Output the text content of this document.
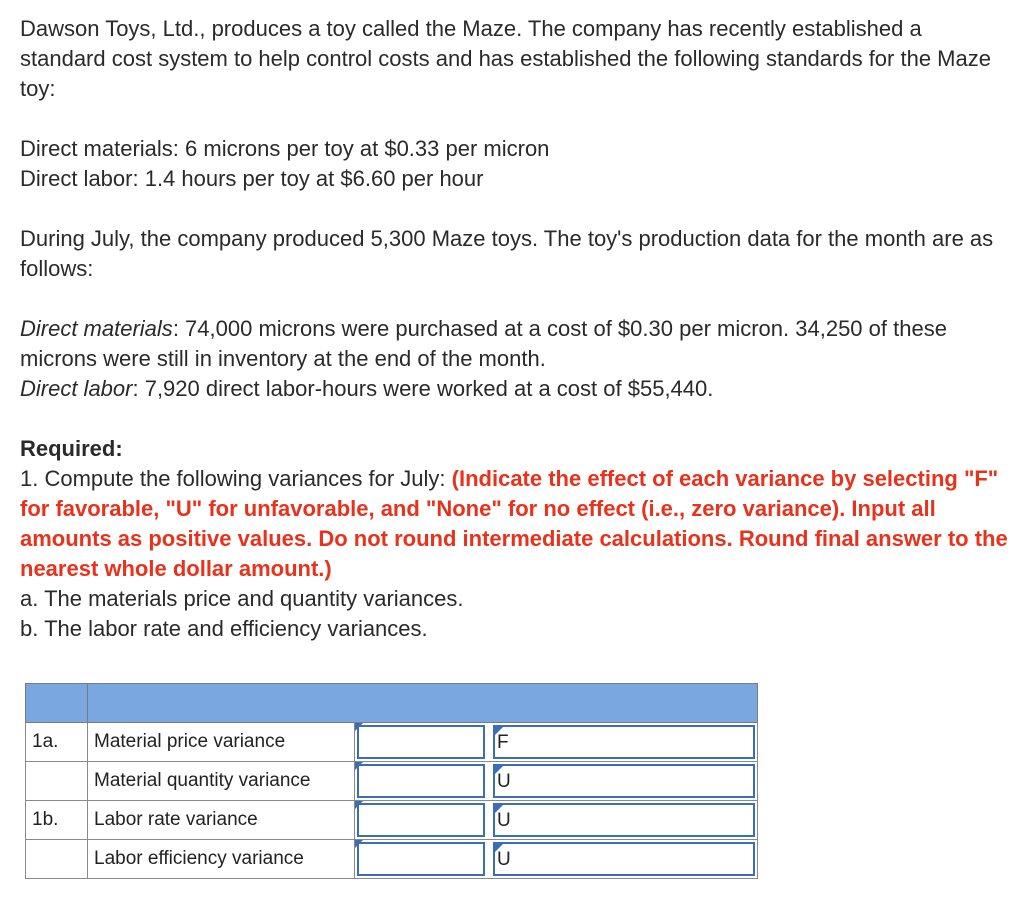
Dawson Toys, Ltd., produces a toy called the Maze. The company has recently established a standard cost system to help control costs and has established the following standards for the Maze toy:

Direct materials: 6 microns per toy at $0.33 per micron

Direct labor: 1.4 hours per toy at $6.60 per hour

During July, the company produced 5,300 Maze toys. The toy's production data for the month are as follows:

Direct materials: 74,000 microns were purchased at a cost of $0.30 per micron. 34,250 of these microns were still in inventory at the end of the month.

Direct labor: 7,920 direct labor-hours were worked at a cost of $55,440.

Required:

1. Compute the following variances for July: (Indicate the effect of each variance by selecting "F" for favorable, "U" for unfavorable, and "None" for no effect (i.e., zero variance). Input all amounts as positive values. Do not round intermediate calculations. Round final answer to the nearest whole dollar amount.)

a. The materials price and quantity variances.

b. The labor rate and efficiency variances.

1a.	Material price variance	F

	Material quantity variance	U

1b.	Labor rate variance	U

	Labor efficiency variance	U
